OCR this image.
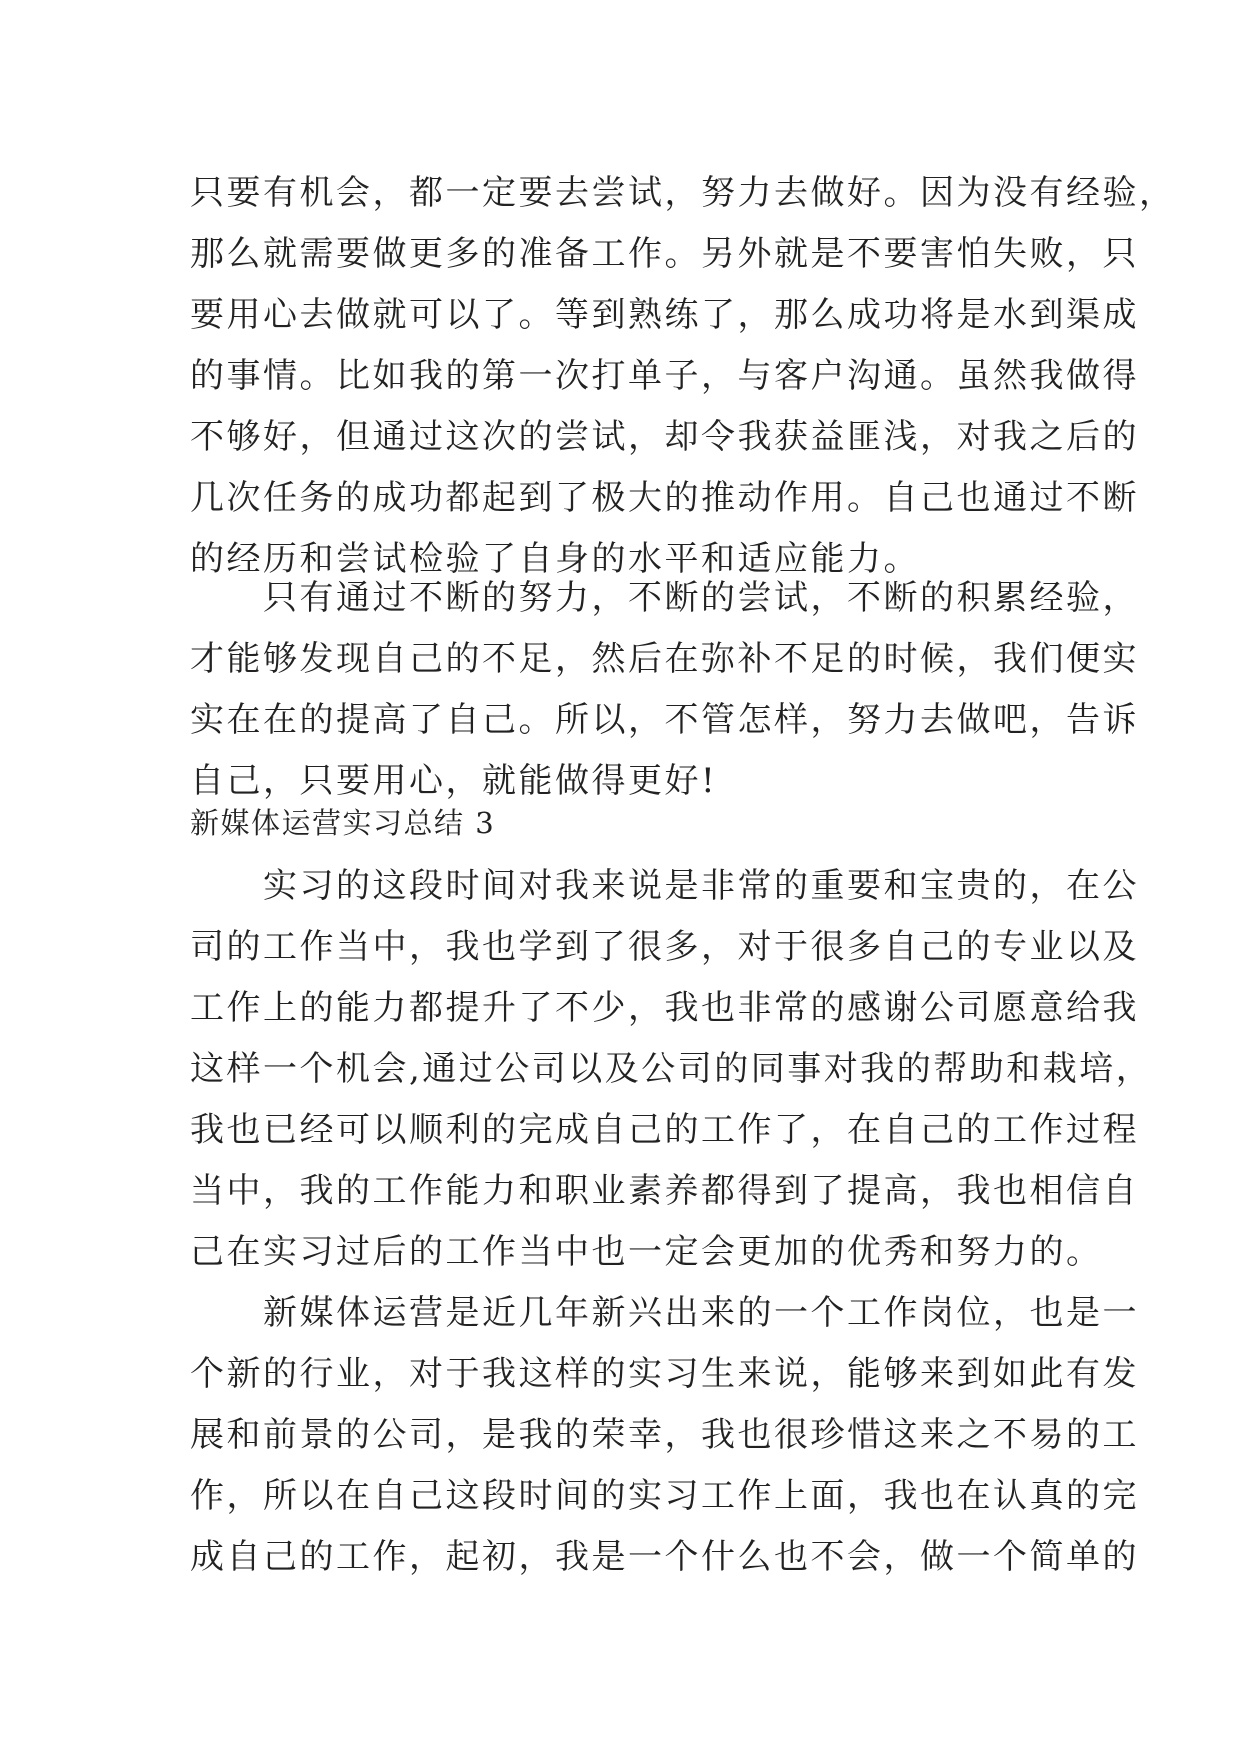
只要有机会，都一定要去尝试，努力去做好。因为没有经验，
那么就需要做更多的准备工作。另外就是不要害怕失败，只
要用心去做就可以了。等到熟练了，那么成功将是水到渠成
的事情。比如我的第一次打单子，与客户沟通。虽然我做得
不够好，但通过这次的尝试，却令我获益匪浅，对我之后的
几次任务的成功都起到了极大的推动作用。自己也通过不断
的经历和尝试检验了自身的水平和适应能力。
　　只有通过不断的努力，不断的尝试，不断的积累经验，
才能够发现自己的不足，然后在弥补不足的时候，我们便实
实在在的提高了自己。所以，不管怎样，努力去做吧，告诉
自己，只要用心，就能做得更好!
新媒体运营实习总结 3
　　实习的这段时间对我来说是非常的重要和宝贵的，在公
司的工作当中，我也学到了很多，对于很多自己的专业以及
工作上的能力都提升了不少，我也非常的感谢公司愿意给我
这样一个机会,通过公司以及公司的同事对我的帮助和栽培，
我也已经可以顺利的完成自己的工作了，在自己的工作过程
当中，我的工作能力和职业素养都得到了提高，我也相信自
己在实习过后的工作当中也一定会更加的优秀和努力的。
　　新媒体运营是近几年新兴出来的一个工作岗位，也是一
个新的行业，对于我这样的实习生来说，能够来到如此有发
展和前景的公司，是我的荣幸，我也很珍惜这来之不易的工
作，所以在自己这段时间的实习工作上面，我也在认真的完
成自己的工作，起初，我是一个什么也不会，做一个简单的
